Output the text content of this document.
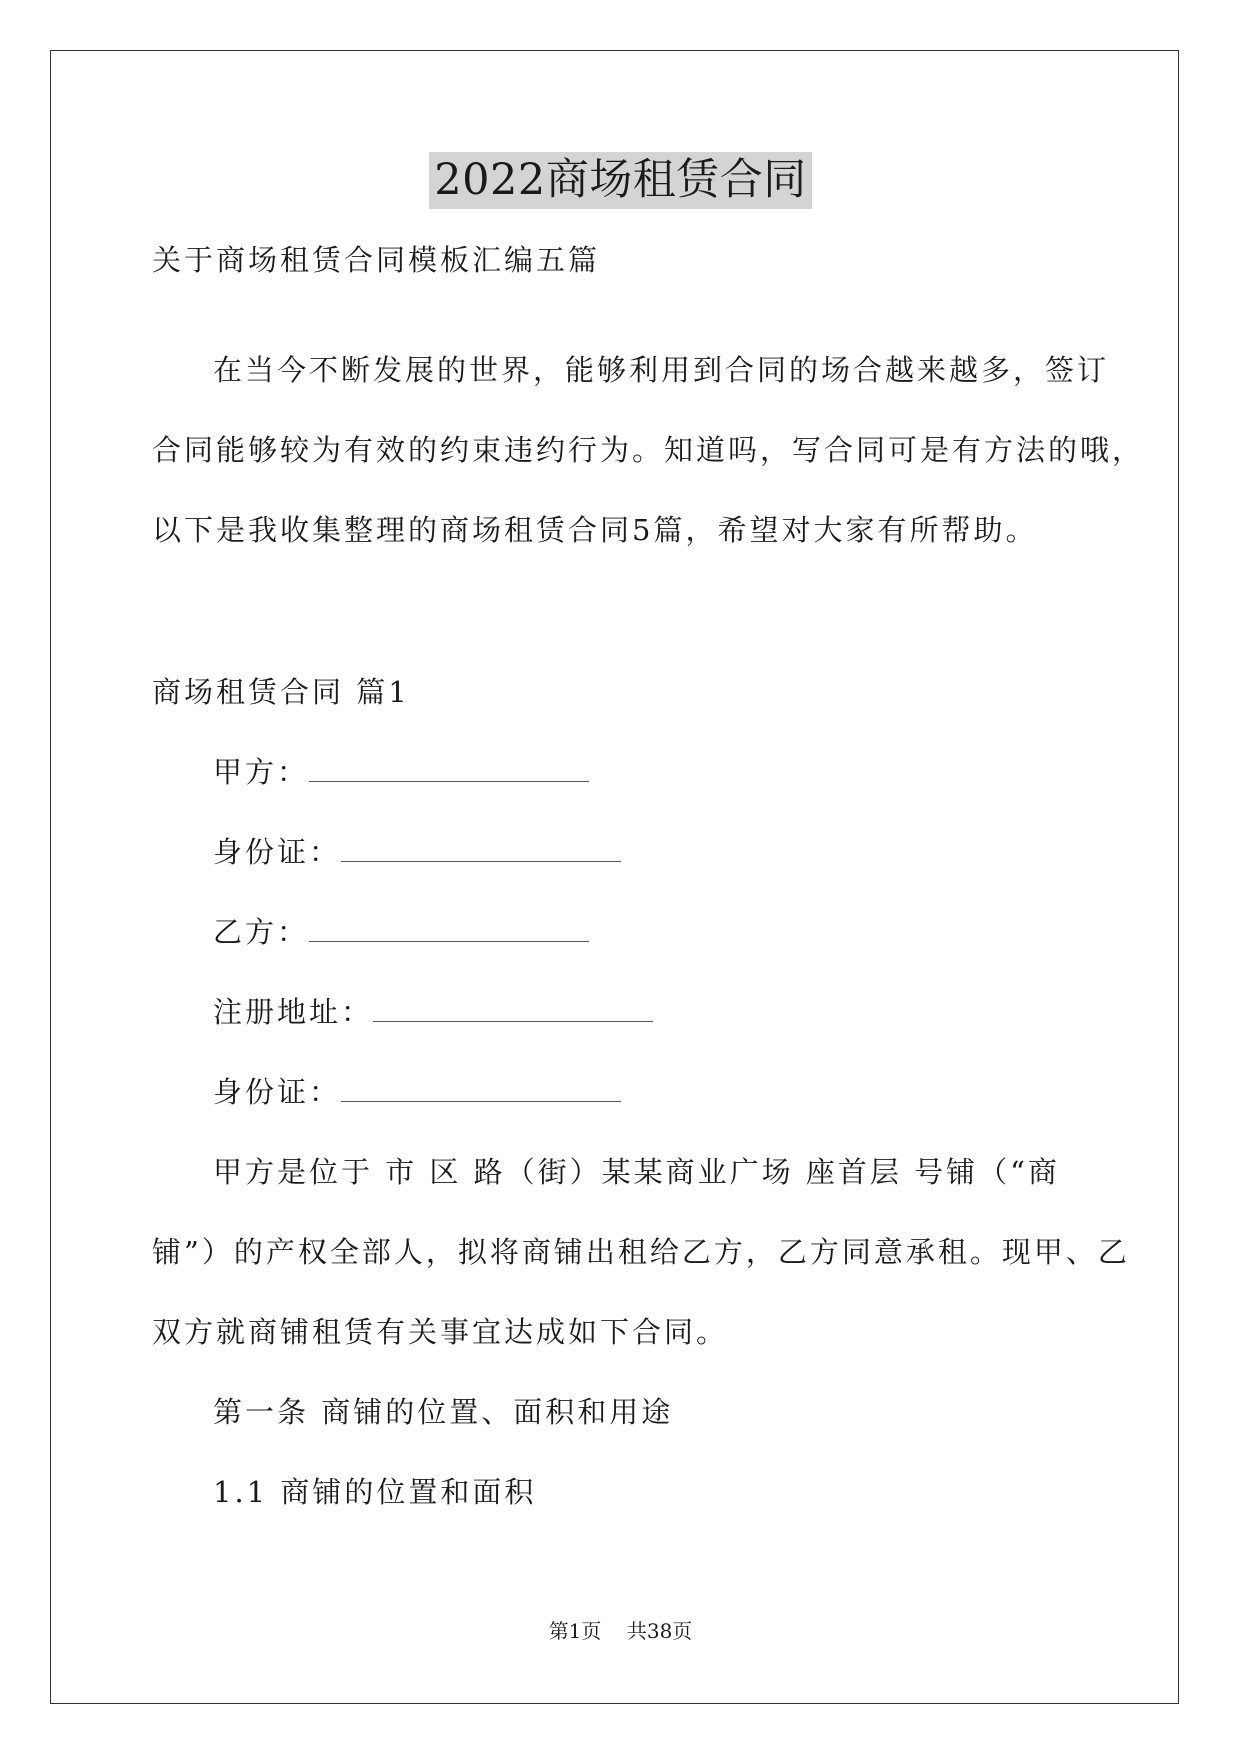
2022商场租赁合同
关于商场租赁合同模板汇编五篇
在当今不断发展的世界，能够利用到合同的场合越来越多，签订
合同能够较为有效的约束违约行为。知道吗，写合同可是有方法的哦，
以下是我收集整理的商场租赁合同5篇，希望对大家有所帮助。
商场租赁合同 篇1
甲方：
身份证：
乙方：
注册地址：
身份证：
甲方是位于 市 区 路（街）某某商业广场 座首层 号铺（“商
铺”）的产权全部人，拟将商铺出租给乙方，乙方同意承租。现甲、乙
双方就商铺租赁有关事宜达成如下合同。
第一条 商铺的位置、面积和用途
1.1 商铺的位置和面积
第1页 共38页
